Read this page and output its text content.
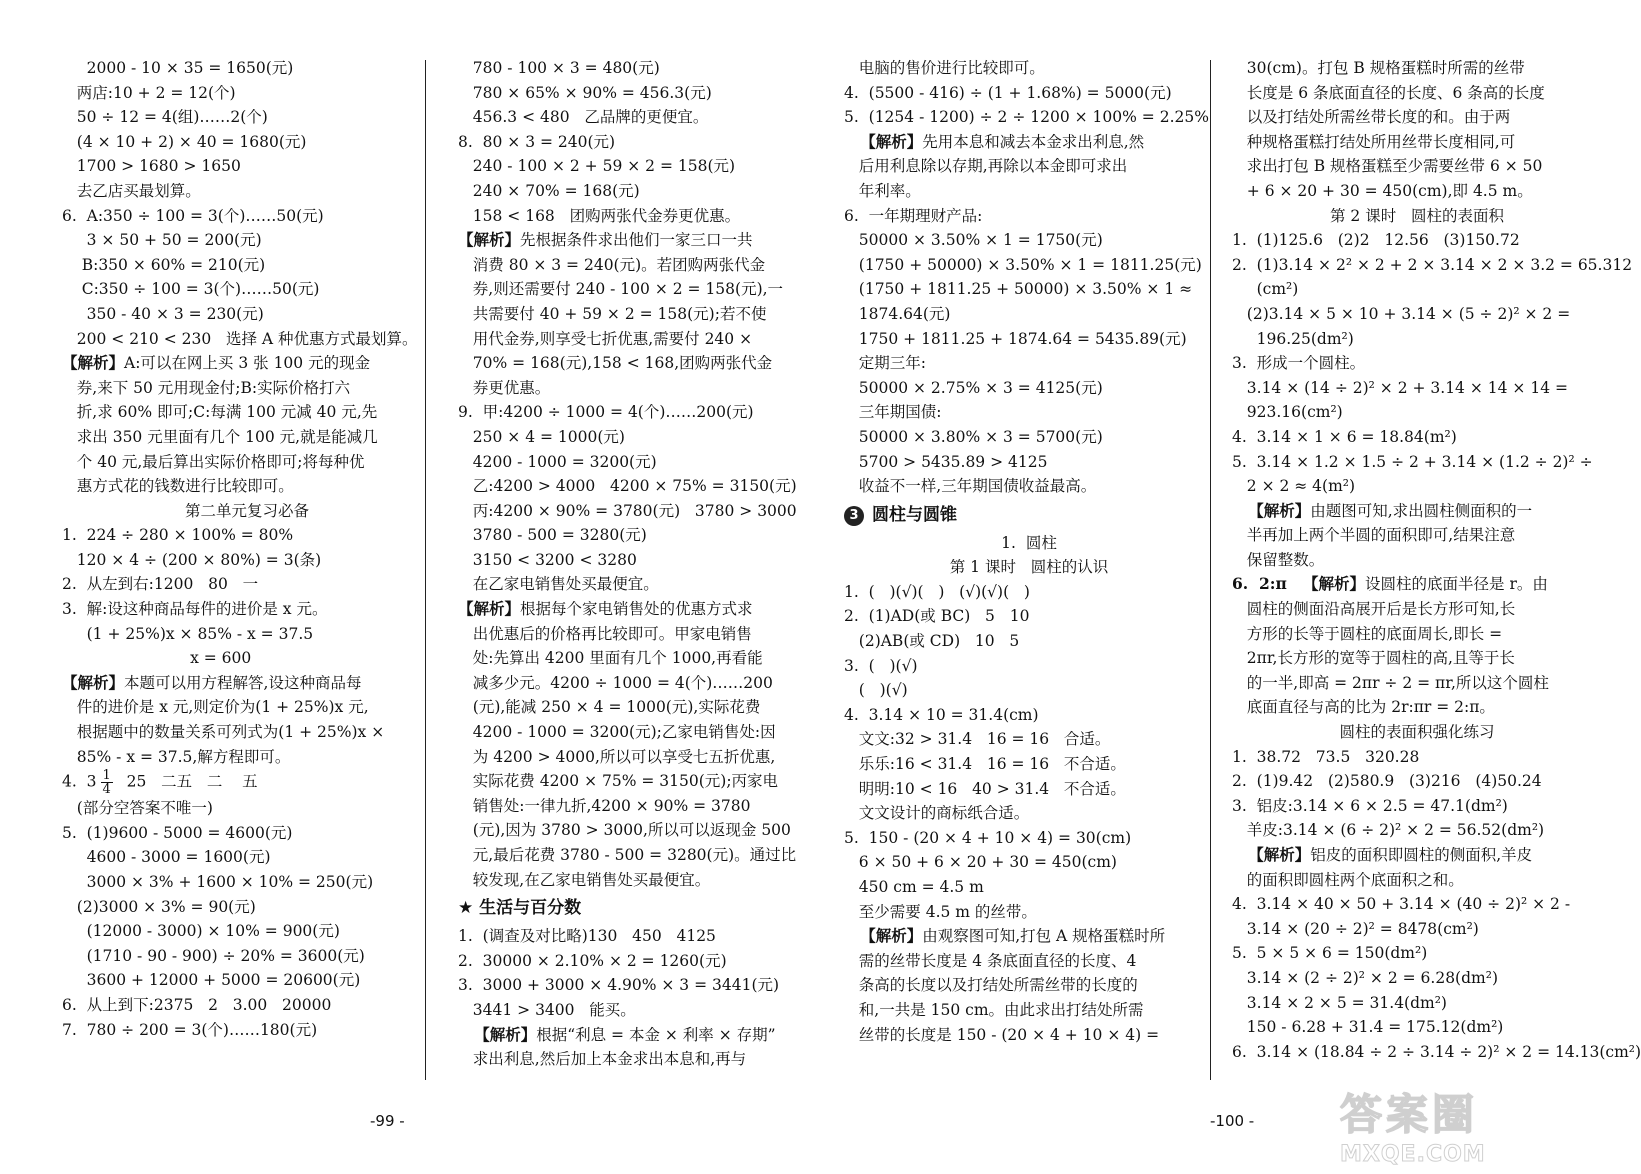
2000 - 10 × 35 = 1650(元)
两店:10 + 2 = 12(个)
50 ÷ 12 = 4(组)……2(个)
(4 × 10 + 2) × 40 = 1680(元)
1700 > 1680 > 1650
去乙店买最划算。
6.  A:350 ÷ 100 = 3(个)……50(元)
3 × 50 + 50 = 200(元)
B:350 × 60% = 210(元)
C:350 ÷ 100 = 3(个)……50(元)
350 - 40 × 3 = 230(元)
200 < 210 < 230   选择 A 种优惠方式最划算。
【解析】A:可以在网上买 3 张 100 元的现金
券,来下 50 元用现金付;B:实际价格打六
折,求 60% 即可;C:每满 100 元减 40 元,先
求出 350 元里面有几个 100 元,就是能减几
个 40 元,最后算出实际价格即可;将每种优
惠方式花的钱数进行比较即可。
第二单元复习必备
1.  224 ÷ 280 × 100% = 80%
120 × 4 ÷ (200 × 80%) = 3(条)
2.  从左到右:1200   80   一
3.  解:设这种商品每件的进价是 x 元。
(1 + 25%)x × 85% - x = 37.5
x = 600
【解析】本题可以用方程解答,设这种商品每
件的进价是 x 元,则定价为(1 + 25%)x 元,
根据题中的数量关系可列式为(1 + 25%)x ×
85% - x = 37.5,解方程即可。
4.  $3 \frac{1}{4} 25$   二五   二    五
(部分空答案不唯一)
5.  (1)9600 - 5000 = 4600(元)
4600 - 3000 = 1600(元)
3000 × 3% + 1600 × 10% = 250(元)
(2)3000 × 3% = 90(元)
(12000 - 3000) × 10% = 900(元)
(1710 - 90 - 900) ÷ 20% = 3600(元)
3600 + 12000 + 5000 = 20600(元)
6.  从上到下:2375   2   3.00   20000
7.  780 ÷ 200 = 3(个)……180(元)
780 - 100 × 3 = 480(元)
780 × 65% × 90% = 456.3(元)
456.3 < 480   乙品牌的更便宜。
8.  80 × 3 = 240(元)
240 - 100 × 2 + 59 × 2 = 158(元)
240 × 70% = 168(元)
158 < 168   团购两张代金券更优惠。
【解析】先根据条件求出他们一家三口一共
消费 80 × 3 = 240(元)。若团购两张代金
券,则还需要付 240 - 100 × 2 = 158(元),一
共需要付 40 + 59 × 2 = 158(元);若不使
用代金券,则享受七折优惠,需要付 240 ×
70% = 168(元),158 < 168,团购两张代金
券更优惠。
9.  甲:4200 ÷ 1000 = 4(个)……200(元)
250 × 4 = 1000(元)
4200 - 1000 = 3200(元)
乙:4200 > 4000   4200 × 75% = 3150(元)
丙:4200 × 90% = 3780(元)   3780 > 3000
3780 - 500 = 3280(元)
3150 < 3200 < 3280
在乙家电销售处买最便宜。
【解析】根据每个家电销售处的优惠方式求
出优惠后的价格再比较即可。甲家电销售
处:先算出 4200 里面有几个 1000,再看能
减多少元。4200 ÷ 1000 = 4(个)……200
(元),能减 250 × 4 = 1000(元),实际花费
4200 - 1000 = 3200(元);乙家电销售处:因
为 4200 > 4000,所以可以享受七五折优惠,
实际花费 4200 × 75% = 3150(元);丙家电
销售处:一律九折,4200 × 90% = 3780
(元),因为 3780 > 3000,所以可以返现金 500
元,最后花费 3780 - 500 = 3280(元)。通过比
较发现,在乙家电销售处买最便宜。
★ 生活与百分数
1.  (调查及对比略)130   450   4125
2.  30000 × 2.10% × 2 = 1260(元)
3.  3000 + 3000 × 4.90% × 3 = 3441(元)
3441 > 3400   能买。
【解析】根据“利息 = 本金 × 利率 × 存期”
求出利息,然后加上本金求出本息和,再与
-99 -
电脑的售价进行比较即可。
4.  (5500 - 416) ÷ (1 + 1.68%) = 5000(元)
5.  (1254 - 1200) ÷ 2 ÷ 1200 × 100% = 2.25%
【解析】先用本息和减去本金求出利息,然
后用利息除以存期,再除以本金即可求出
年利率。
6.  一年期理财产品:
50000 × 3.50% × 1 = 1750(元)
(1750 + 50000) × 3.50% × 1 = 1811.25(元)
(1750 + 1811.25 + 50000) × 3.50% × 1 ≈
1874.64(元)
1750 + 1811.25 + 1874.64 = 5435.89(元)
定期三年:
50000 × 2.75% × 3 = 4125(元)
三年期国债:
50000 × 3.80% × 3 = 5700(元)
5700 > 5435.89 > 4125
收益不一样,三年期国债收益最高。
3 圆柱与圆锥
1.  圆柱
第 1 课时   圆柱的认识
1.  (   )(√)(   )   (√)(√)(   )
2.  (1)AD(或 BC)   5   10
(2)AB(或 CD)   10   5
3.  (   )(√)
(   )(√)
4.  3.14 × 10 = 31.4(cm)
文文:32 > 31.4   16 = 16   合适。
乐乐:16 < 31.4   16 = 16   不合适。
明明:10 < 16   40 > 31.4   不合适。
文文设计的商标纸合适。
5.  150 - (20 × 4 + 10 × 4) = 30(cm)
6 × 50 + 6 × 20 + 30 = 450(cm)
450 cm = 4.5 m
至少需要 4.5 m 的丝带。
【解析】由观察图可知,打包 A 规格蛋糕时所
需的丝带长度是 4 条底面直径的长度、4
条高的长度以及打结处所需丝带的长度的
和,一共是 150 cm。由此求出打结处所需
丝带的长度是 150 - (20 × 4 + 10 × 4) =
30(cm)。打包 B 规格蛋糕时所需的丝带
长度是 6 条底面直径的长度、6 条高的长度
以及打结处所需丝带长度的和。由于两
种规格蛋糕打结处所用丝带长度相同,可
求出打包 B 规格蛋糕至少需要丝带 6 × 50
+ 6 × 20 + 30 = 450(cm),即 4.5 m。
第 2 课时   圆柱的表面积
1.  (1)125.6   (2)2   12.56   (3)150.72
2.  (1)3.14 × 2² × 2 + 2 × 3.14 × 2 × 3.2 = 65.312
(cm²)
(2)3.14 × 5 × 10 + 3.14 × (5 ÷ 2)² × 2 =
196.25(dm²)
3.  形成一个圆柱。
3.14 × (14 ÷ 2)² × 2 + 3.14 × 14 × 14 =
923.16(cm²)
4.  3.14 × 1 × 6 = 18.84(m²)
5.  3.14 × 1.2 × 1.5 ÷ 2 + 3.14 × (1.2 ÷ 2)² ÷
2 × 2 ≈ 4(m²)
【解析】由题图可知,求出圆柱侧面积的一
半再加上两个半圆的面积即可,结果注意
保留整数。
6.  2:π   【解析】设圆柱的底面半径是 r。由
圆柱的侧面沿高展开后是长方形可知,长
方形的长等于圆柱的底面周长,即长 =
2πr,长方形的宽等于圆柱的高,且等于长
的一半,即高 = 2πr ÷ 2 = πr,所以这个圆柱
底面直径与高的比为 2r:πr = 2:π。
圆柱的表面积强化练习
1.  38.72   73.5   320.28
2.  (1)9.42   (2)580.9   (3)216   (4)50.24
3.  铝皮:3.14 × 6 × 2.5 = 47.1(dm²)
羊皮:3.14 × (6 ÷ 2)² × 2 = 56.52(dm²)
【解析】铝皮的面积即圆柱的侧面积,羊皮
的面积即圆柱两个底面积之和。
4.  3.14 × 40 × 50 + 3.14 × (40 ÷ 2)² × 2 -
3.14 × (20 ÷ 2)² = 8478(cm²)
5.  5 × 5 × 6 = 150(dm²)
3.14 × (2 ÷ 2)² × 2 = 6.28(dm²)
3.14 × 2 × 5 = 31.4(dm²)
150 - 6.28 + 31.4 = 175.12(dm²)
6.  3.14 × (18.84 ÷ 2 ÷ 3.14 ÷ 2)² × 2 = 14.13(cm²)
-100 - 答案圈
MXQE.COM
